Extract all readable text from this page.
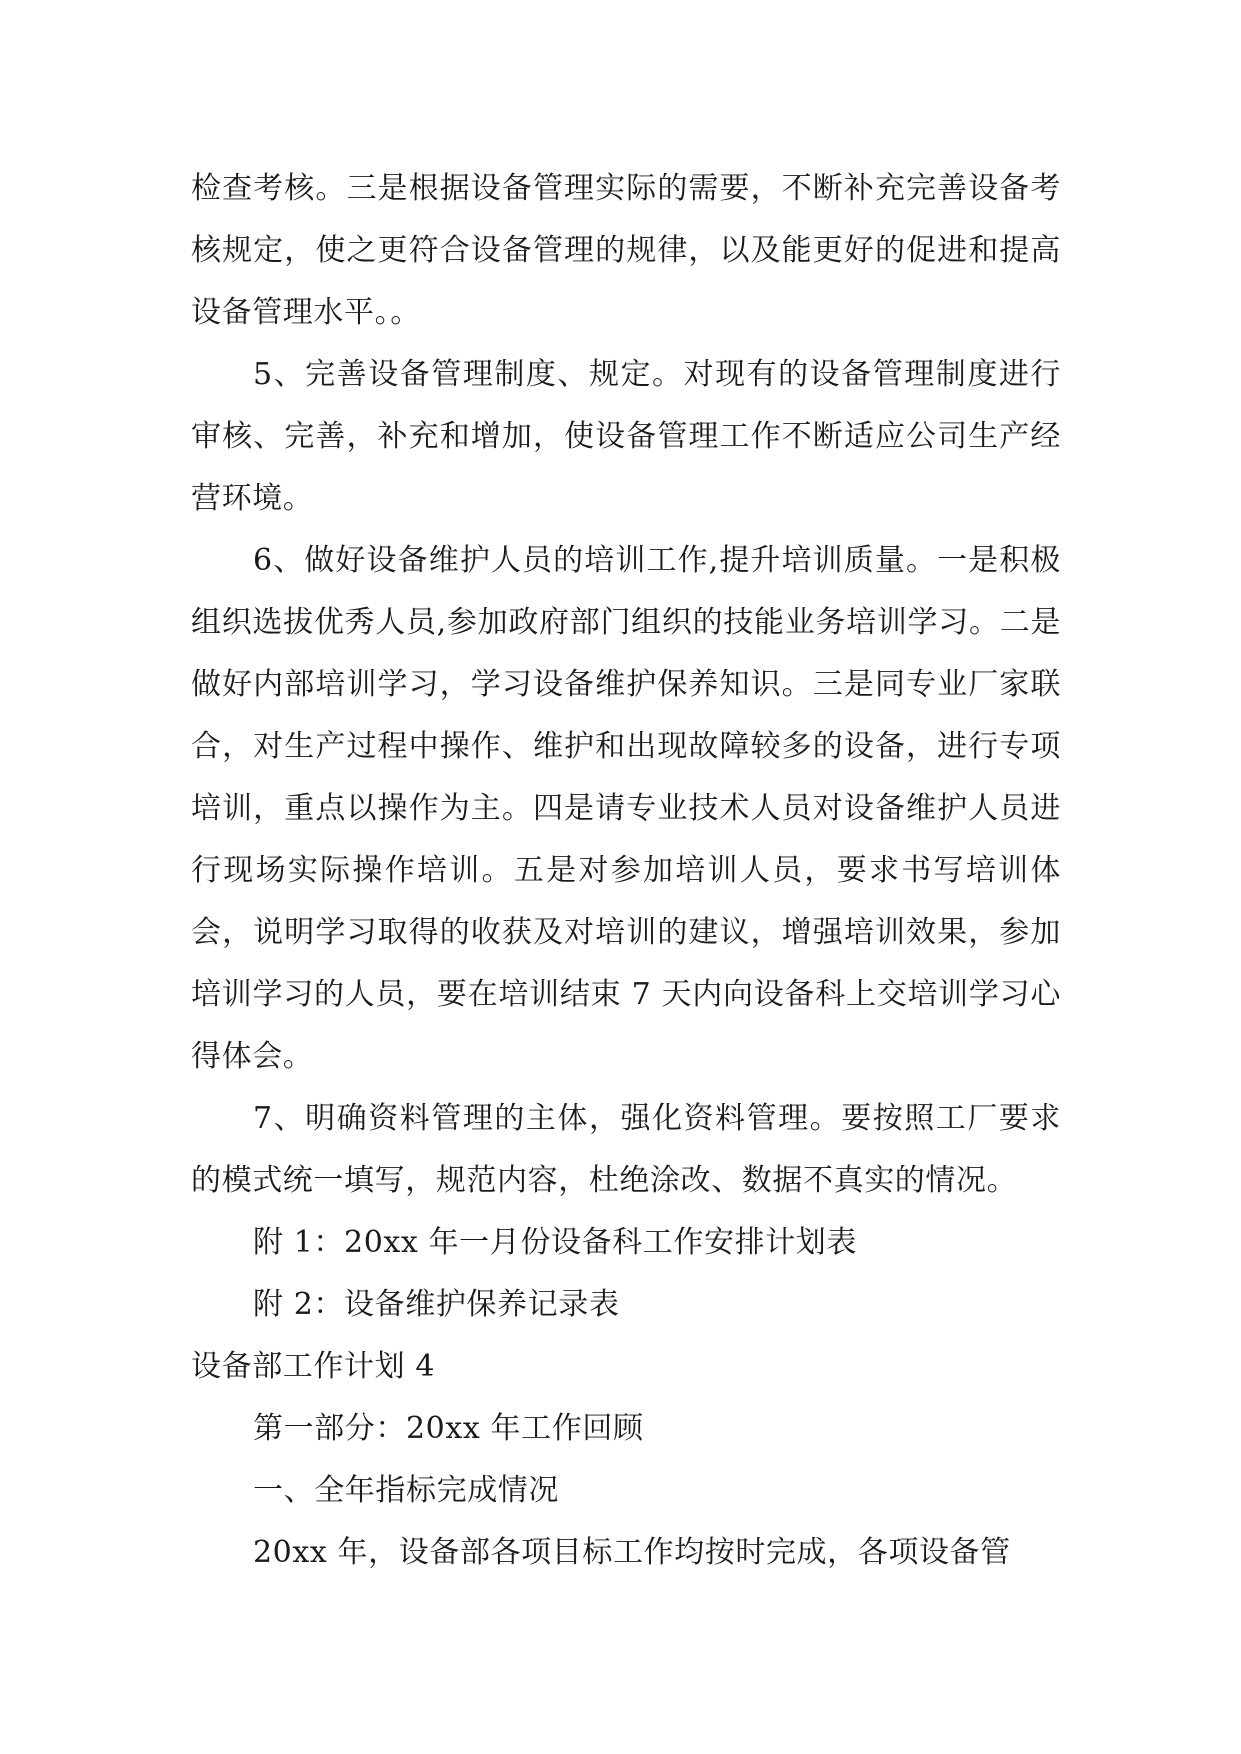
检查考核。三是根据设备管理实际的需要，不断补充完善设备考核规定，使之更符合设备管理的规律，以及能更好的促进和提高设备管理水平。。

5、完善设备管理制度、规定。对现有的设备管理制度进行审核、完善，补充和增加，使设备管理工作不断适应公司生产经营环境。

6、做好设备维护人员的培训工作,提升培训质量。一是积极组织选拔优秀人员,参加政府部门组织的技能业务培训学习。二是做好内部培训学习，学习设备维护保养知识。三是同专业厂家联合，对生产过程中操作、维护和出现故障较多的设备，进行专项培训，重点以操作为主。四是请专业技术人员对设备维护人员进行现场实际操作培训。五是对参加培训人员，要求书写培训体会，说明学习取得的收获及对培训的建议，增强培训效果，参加培训学习的人员，要在培训结束 7 天内向设备科上交培训学习心得体会。

7、明确资料管理的主体，强化资料管理。要按照工厂要求的模式统一填写，规范内容，杜绝涂改、数据不真实的情况。

附 1：20xx 年一月份设备科工作安排计划表

附 2：设备维护保养记录表

设备部工作计划 4

第一部分：20xx 年工作回顾

一、全年指标完成情况

20xx 年，设备部各项目标工作均按时完成，各项设备管
